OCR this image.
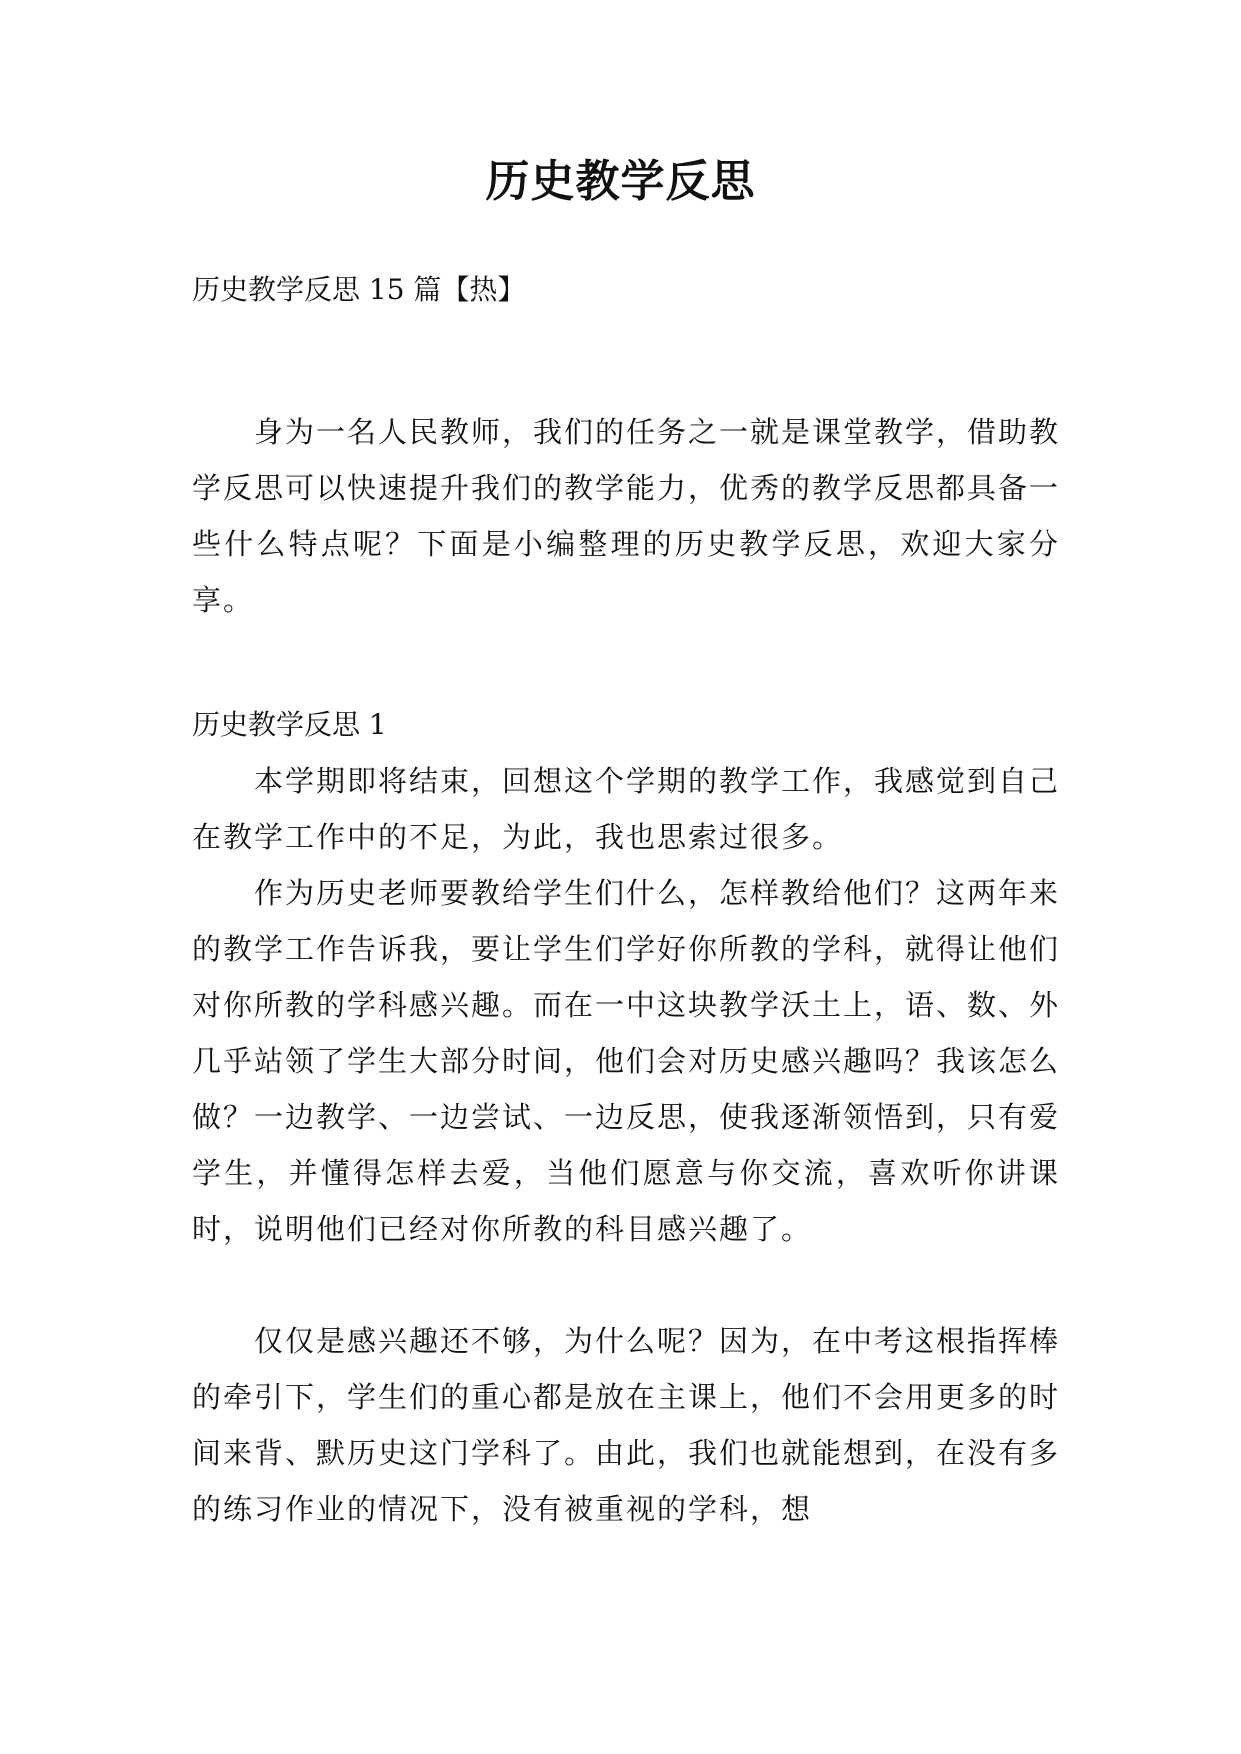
历史教学反思

历史教学反思 15 篇【热】

身为一名人民教师，我们的任务之一就是课堂教学，借助教学反思可以快速提升我们的教学能力，优秀的教学反思都具备一些什么特点呢？下面是小编整理的历史教学反思，欢迎大家分享。

历史教学反思 1

本学期即将结束，回想这个学期的教学工作，我感觉到自己在教学工作中的不足，为此，我也思索过很多。

作为历史老师要教给学生们什么，怎样教给他们？这两年来的教学工作告诉我，要让学生们学好你所教的学科，就得让他们对你所教的学科感兴趣。而在一中这块教学沃土上，语、数、外几乎站领了学生大部分时间，他们会对历史感兴趣吗？我该怎么做？一边教学、一边尝试、一边反思，使我逐渐领悟到，只有爱学生，并懂得怎样去爱，当他们愿意与你交流，喜欢听你讲课时，说明他们已经对你所教的科目感兴趣了。

仅仅是感兴趣还不够，为什么呢？因为，在中考这根指挥棒的牵引下，学生们的重心都是放在主课上，他们不会用更多的时间来背、默历史这门学科了。由此，我们也就能想到，在没有多的练习作业的情况下，没有被重视的学科，想
